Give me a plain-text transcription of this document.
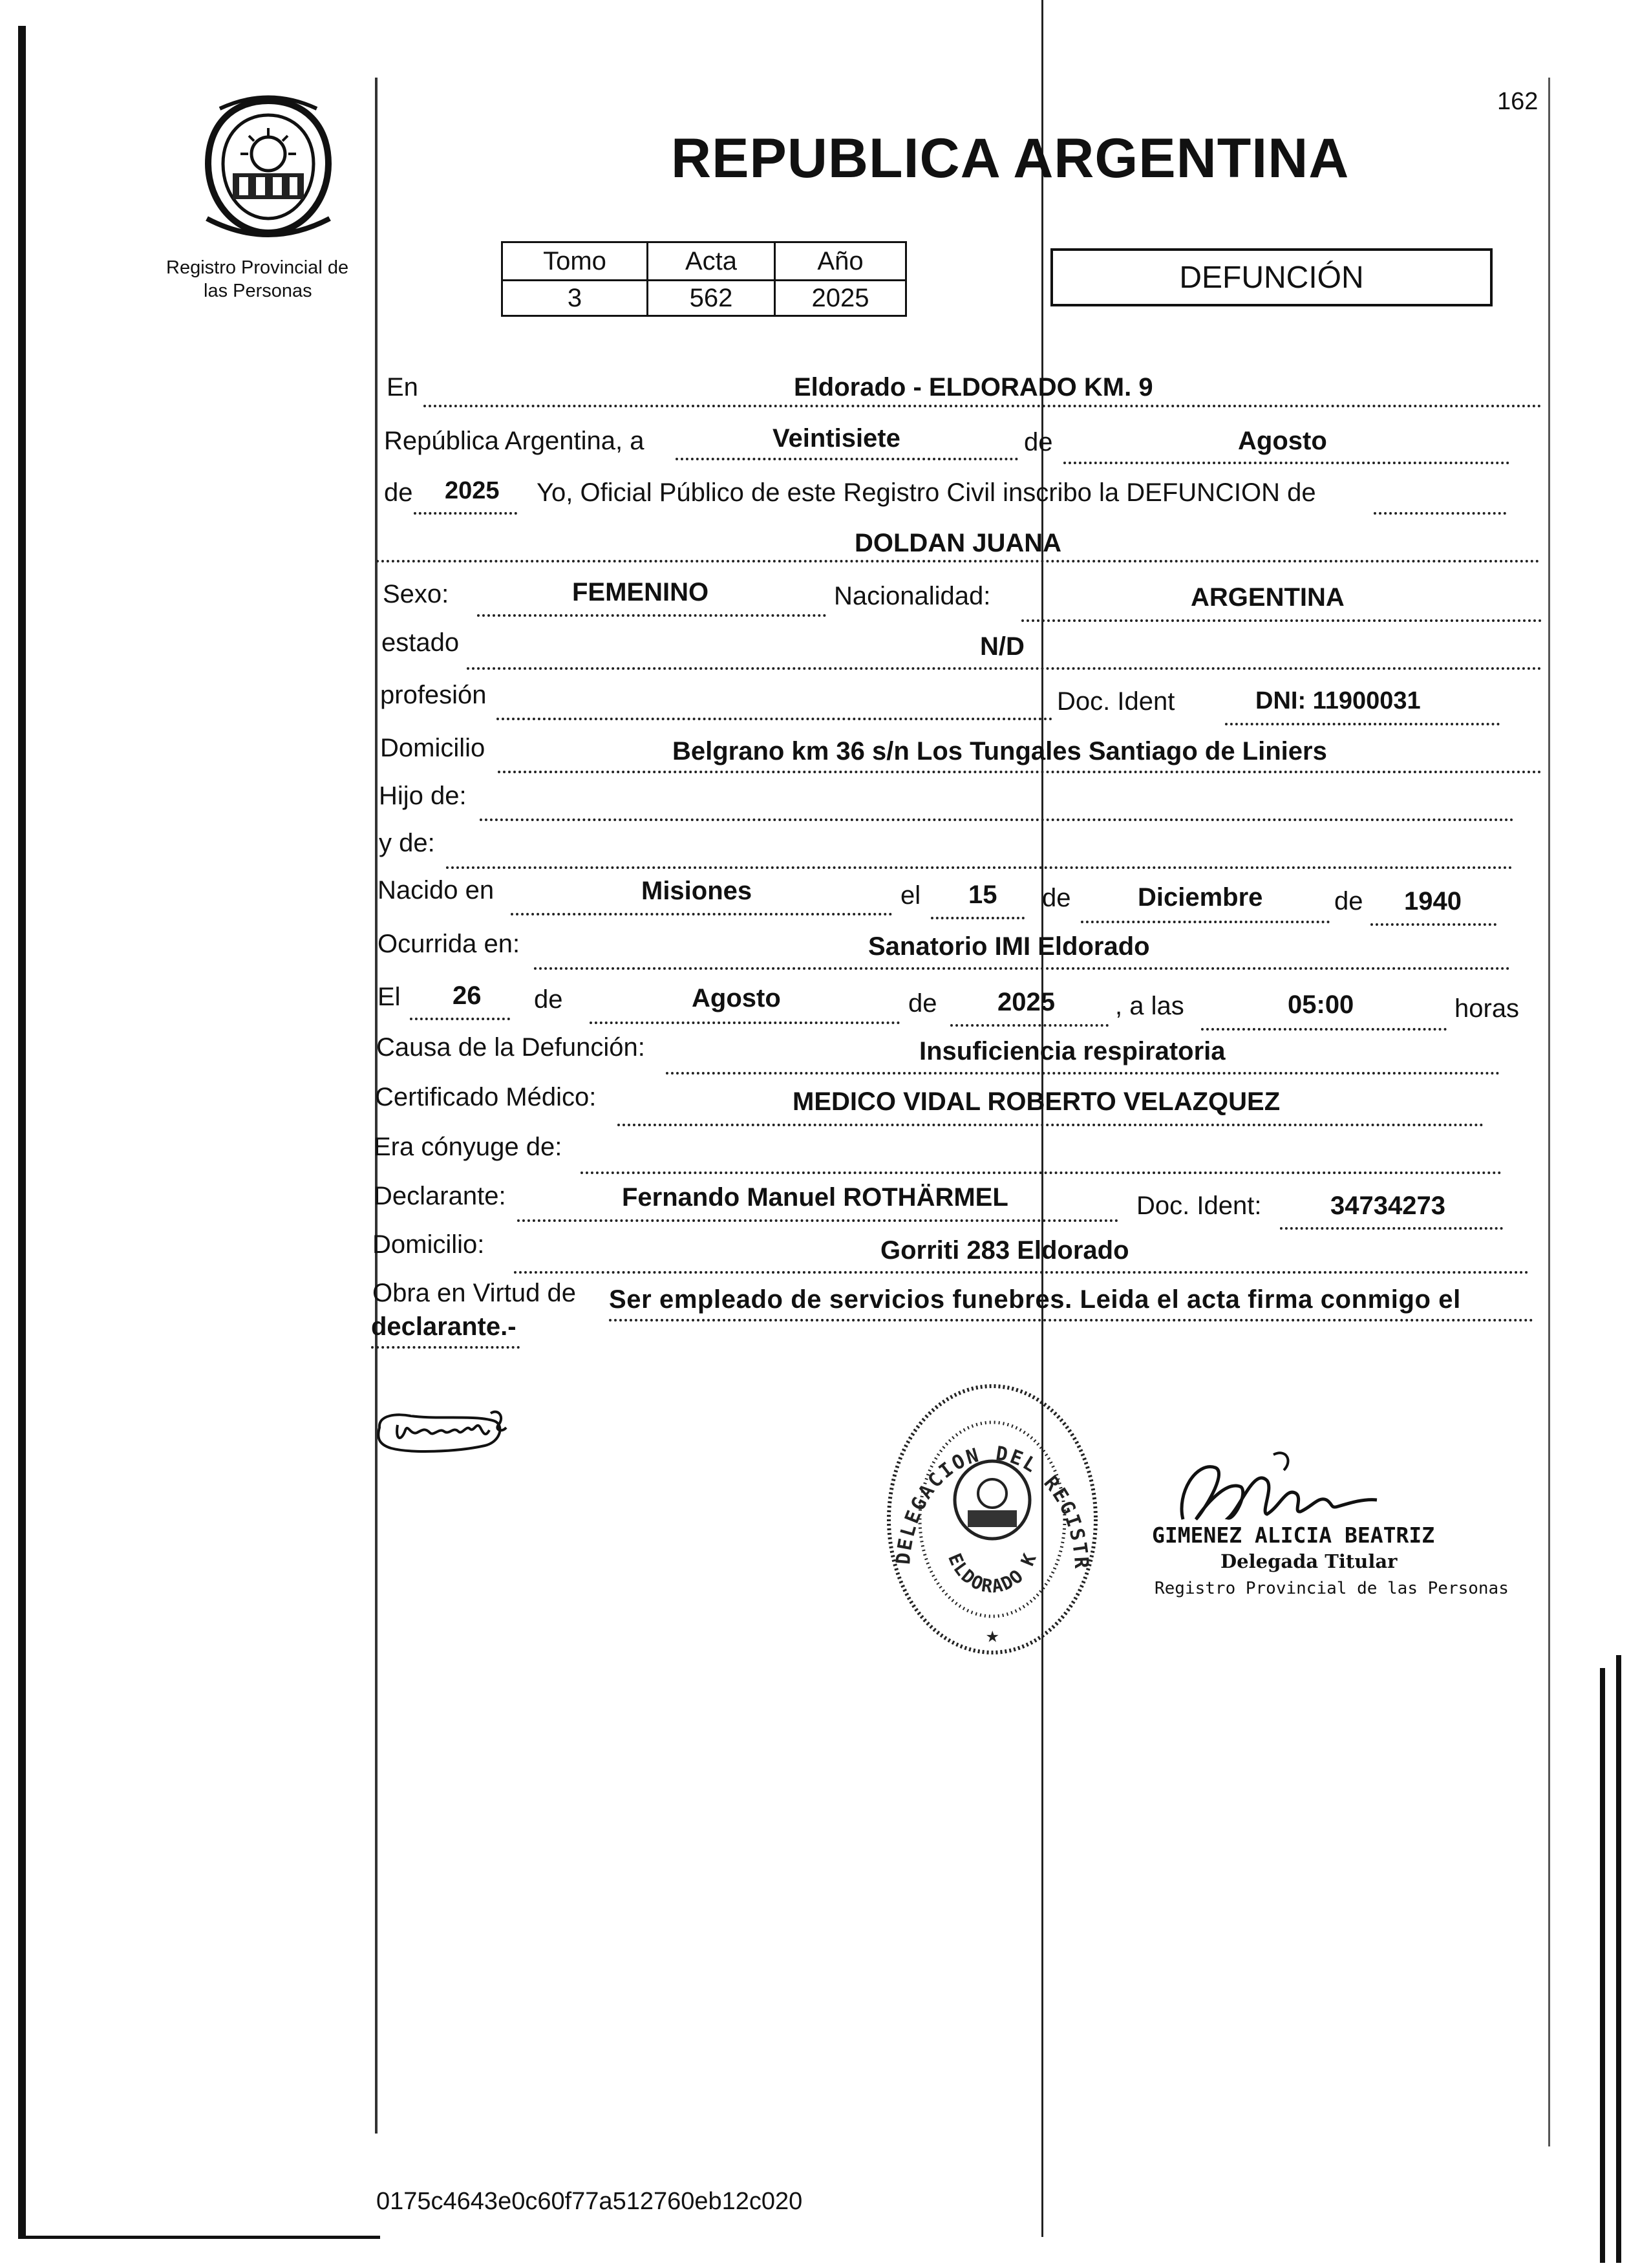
162
Registro Provincial de
las Personas
REPUBLICA ARGENTINA
Tomo	Acta	Año
3	562	2025
DEFUNCIÓN
En	Eldorado - ELDORADO KM. 9
República Argentina, a	Veintisiete	de	Agosto
de 2025 Yo, Oficial Público de este Registro Civil inscribo la DEFUNCION de
DOLDAN JUANA
Sexo:	FEMENINO	Nacionalidad:	ARGENTINA
estado	N/D
profesión	Doc. Ident	DNI: 11900031
Domicilio	Belgrano km 36 s/n Los Tungales Santiago de Liniers
Hijo de:
y de:
Nacido en	Misiones	el 15 de	Diciembre	de 1940
Ocurrida en:	Sanatorio IMI Eldorado
El 26 de	Agosto	de 2025 , a las	05:00	horas
Causa de la Defunción:	Insuficiencia respiratoria
Certificado Médico:	MEDICO VIDAL ROBERTO VELAZQUEZ
Era cónyuge de:
Declarante:	Fernando Manuel ROTHÄRMEL	Doc. Ident:	34734273
Domicilio:	Gorriti 283 Eldorado
Obra en Virtud de Ser empleado de servicios funebres. Leida el acta firma conmigo el
declarante.-
Fernando
DELEGACION DEL REGISTR
ELDORADO K
★
GIMENEZ ALICIA BEATRIZ
Delegada Titular
Registro Provincial de las Personas
0175c4643e0c60f77a512760eb12c020
